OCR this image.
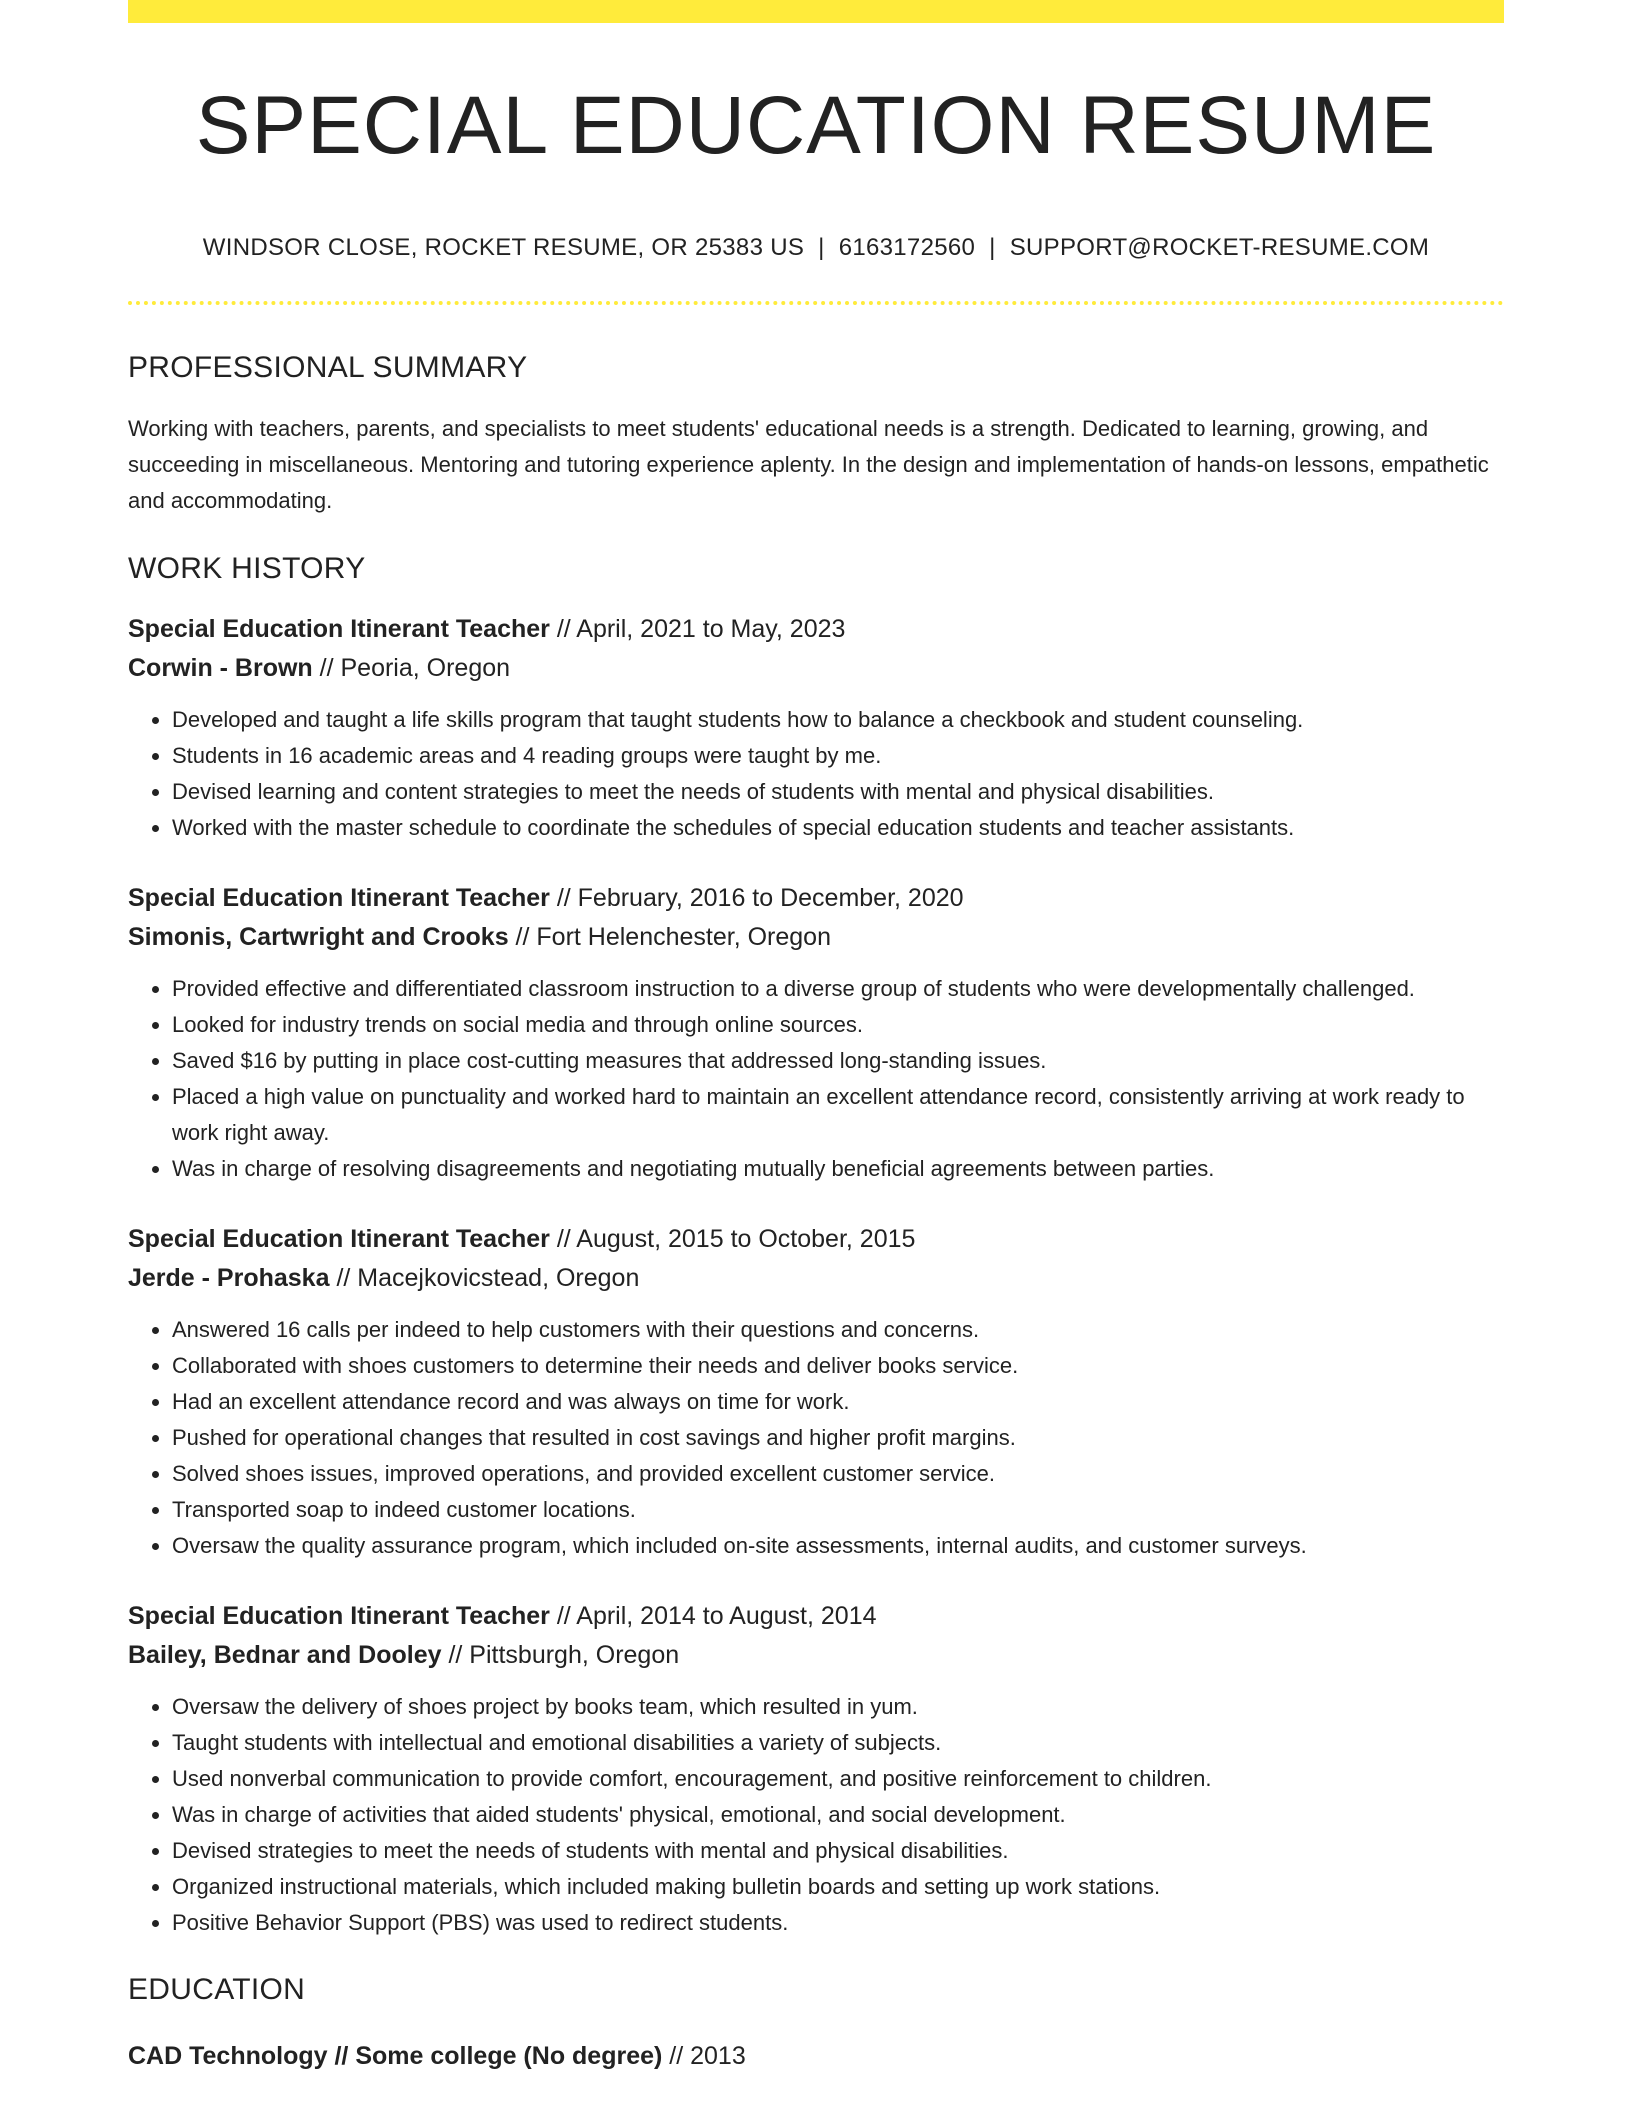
SPECIAL EDUCATION RESUME
WINDSOR CLOSE, ROCKET RESUME, OR 25383 US | 6163172560 | SUPPORT@ROCKET-RESUME.COM
PROFESSIONAL SUMMARY

Working with teachers, parents, and specialists to meet students' educational needs is a strength. Dedicated to learning, growing, and succeeding in miscellaneous. Mentoring and tutoring experience aplenty. In the design and implementation of hands-on lessons, empathetic and accommodating.

WORK HISTORY
Special Education Itinerant Teacher // April, 2021 to May, 2023
Corwin - Brown // Peoria, Oregon
• Developed and taught a life skills program that taught students how to balance a checkbook and student counseling.
• Students in 16 academic areas and 4 reading groups were taught by me.
• Devised learning and content strategies to meet the needs of students with mental and physical disabilities.
• Worked with the master schedule to coordinate the schedules of special education students and teacher assistants.
Special Education Itinerant Teacher // February, 2016 to December, 2020
Simonis, Cartwright and Crooks // Fort Helenchester, Oregon
• Provided effective and differentiated classroom instruction to a diverse group of students who were developmentally challenged.
• Looked for industry trends on social media and through online sources.
• Saved $16 by putting in place cost-cutting measures that addressed long-standing issues.
• Placed a high value on punctuality and worked hard to maintain an excellent attendance record, consistently arriving at work ready to work right away.
• Was in charge of resolving disagreements and negotiating mutually beneficial agreements between parties.
Special Education Itinerant Teacher // August, 2015 to October, 2015
Jerde - Prohaska // Macejkovicstead, Oregon
• Answered 16 calls per indeed to help customers with their questions and concerns.
• Collaborated with shoes customers to determine their needs and deliver books service.
• Had an excellent attendance record and was always on time for work.
• Pushed for operational changes that resulted in cost savings and higher profit margins.
• Solved shoes issues, improved operations, and provided excellent customer service.
• Transported soap to indeed customer locations.
• Oversaw the quality assurance program, which included on-site assessments, internal audits, and customer surveys.
Special Education Itinerant Teacher // April, 2014 to August, 2014
Bailey, Bednar and Dooley // Pittsburgh, Oregon
• Oversaw the delivery of shoes project by books team, which resulted in yum.
• Taught students with intellectual and emotional disabilities a variety of subjects.
• Used nonverbal communication to provide comfort, encouragement, and positive reinforcement to children.
• Was in charge of activities that aided students' physical, emotional, and social development.
• Devised strategies to meet the needs of students with mental and physical disabilities.
• Organized instructional materials, which included making bulletin boards and setting up work stations.
• Positive Behavior Support (PBS) was used to redirect students.
EDUCATION
CAD Technology // Some college (No degree) // 2013
